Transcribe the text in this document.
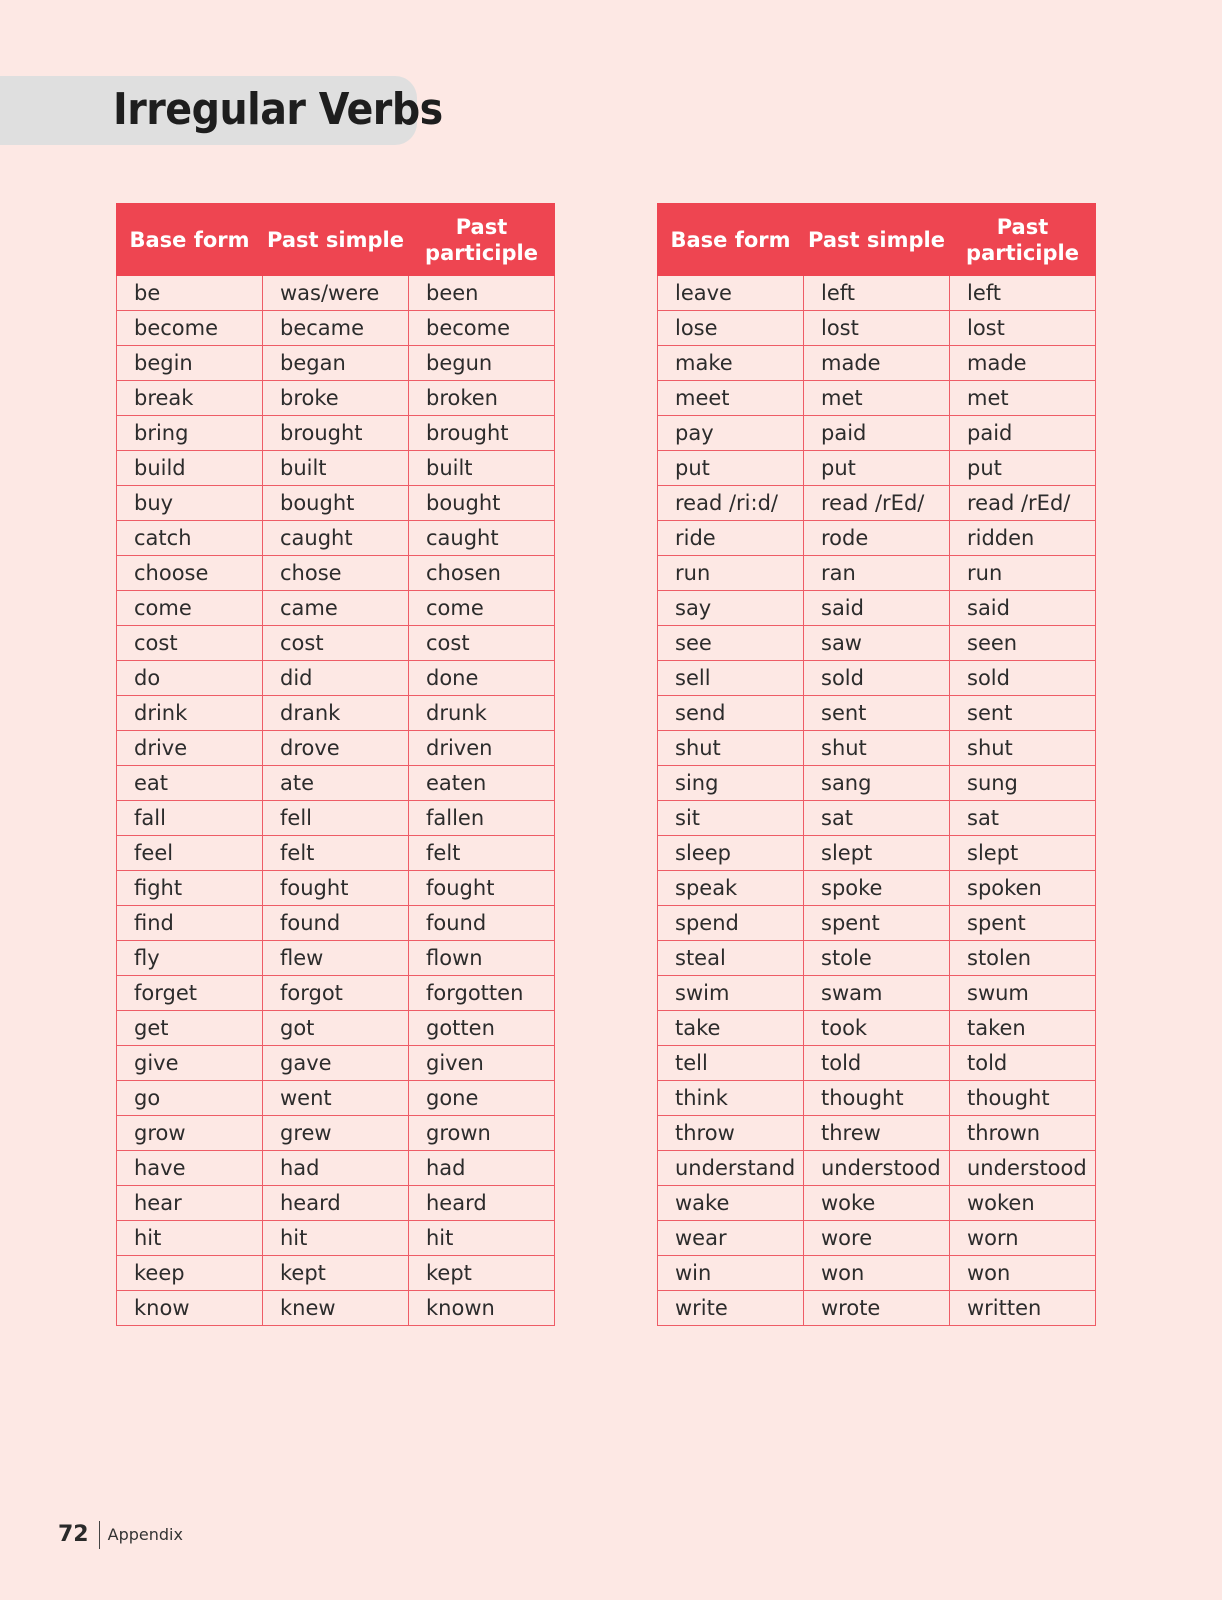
Irregular Verbs
Base form	Past simple	Past participle
be	was/were	been
become	became	become
begin	began	begun
break	broke	broken
bring	brought	brought
build	built	built
buy	bought	bought
catch	caught	caught
choose	chose	chosen
come	came	come
cost	cost	cost
do	did	done
drink	drank	drunk
drive	drove	driven
eat	ate	eaten
fall	fell	fallen
feel	felt	felt
fight	fought	fought
find	found	found
fly	flew	flown
forget	forgot	forgotten
get	got	gotten
give	gave	given
go	went	gone
grow	grew	grown
have	had	had
hear	heard	heard
hit	hit	hit
keep	kept	kept
know	knew	known
Base form	Past simple	Past participle
leave	left	left
lose	lost	lost
make	made	made
meet	met	met
pay	paid	paid
put	put	put
read /ri:d/	read /rEd/	read /rEd/
ride	rode	ridden
run	ran	run
say	said	said
see	saw	seen
sell	sold	sold
send	sent	sent
shut	shut	shut
sing	sang	sung
sit	sat	sat
sleep	slept	slept
speak	spoke	spoken
spend	spent	spent
steal	stole	stolen
swim	swam	swum
take	took	taken
tell	told	told
think	thought	thought
throw	threw	thrown
understand	understood	understood
wake	woke	woken
wear	wore	worn
win	won	won
write	wrote	written
72	Appendix
